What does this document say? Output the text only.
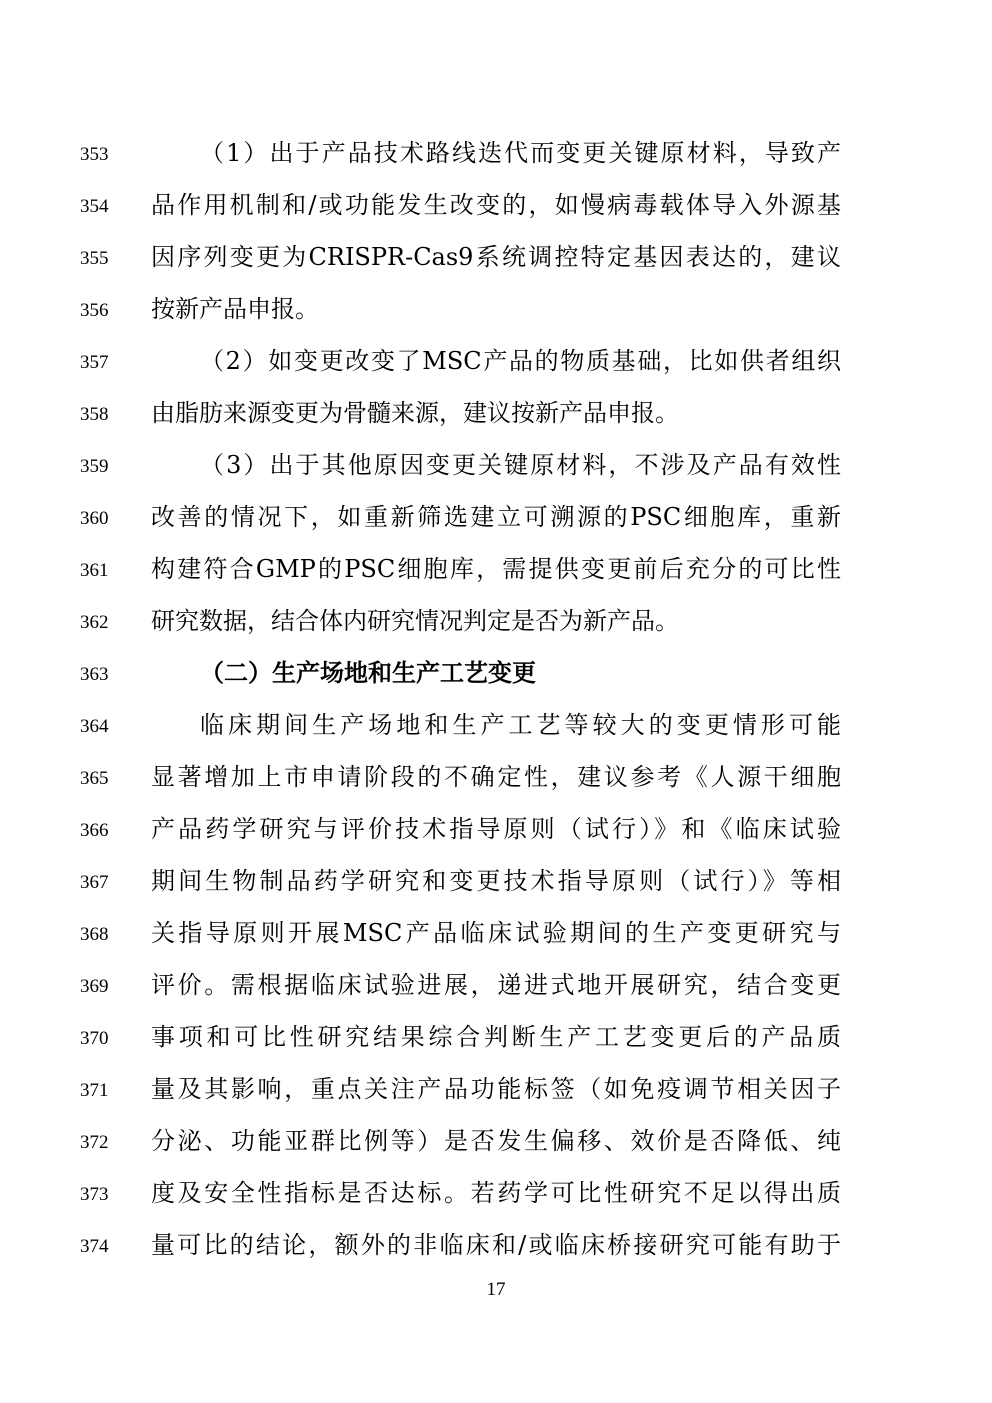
353	（1）出于产品技术路线迭代而变更关键原材料，导致产
354	品作用机制和/或功能发生改变的，如慢病毒载体导入外源基
355	因序列变更为CRISPR-Cas9系统调控特定基因表达的，建议
356	按新产品申报。
357	（2）如变更改变了MSC产品的物质基础，比如供者组织
358	由脂肪来源变更为骨髓来源，建议按新产品申报。
359	（3）出于其他原因变更关键原材料，不涉及产品有效性
360	改善的情况下，如重新筛选建立可溯源的PSC细胞库，重新
361	构建符合GMP的PSC细胞库，需提供变更前后充分的可比性
362	研究数据，结合体内研究情况判定是否为新产品。
363	（二）生产场地和生产工艺变更
364	临床期间生产场地和生产工艺等较大的变更情形可能
365	显著增加上市申请阶段的不确定性，建议参考《人源干细胞
366	产品药学研究与评价技术指导原则（试行）》和《临床试验
367	期间生物制品药学研究和变更技术指导原则（试行）》等相
368	关指导原则开展MSC产品临床试验期间的生产变更研究与
369	评价。需根据临床试验进展，递进式地开展研究，结合变更
370	事项和可比性研究结果综合判断生产工艺变更后的产品质
371	量及其影响，重点关注产品功能标签（如免疫调节相关因子
372	分泌、功能亚群比例等）是否发生偏移、效价是否降低、纯
373	度及安全性指标是否达标。若药学可比性研究不足以得出质
374	量可比的结论，额外的非临床和/或临床桥接研究可能有助于
17
